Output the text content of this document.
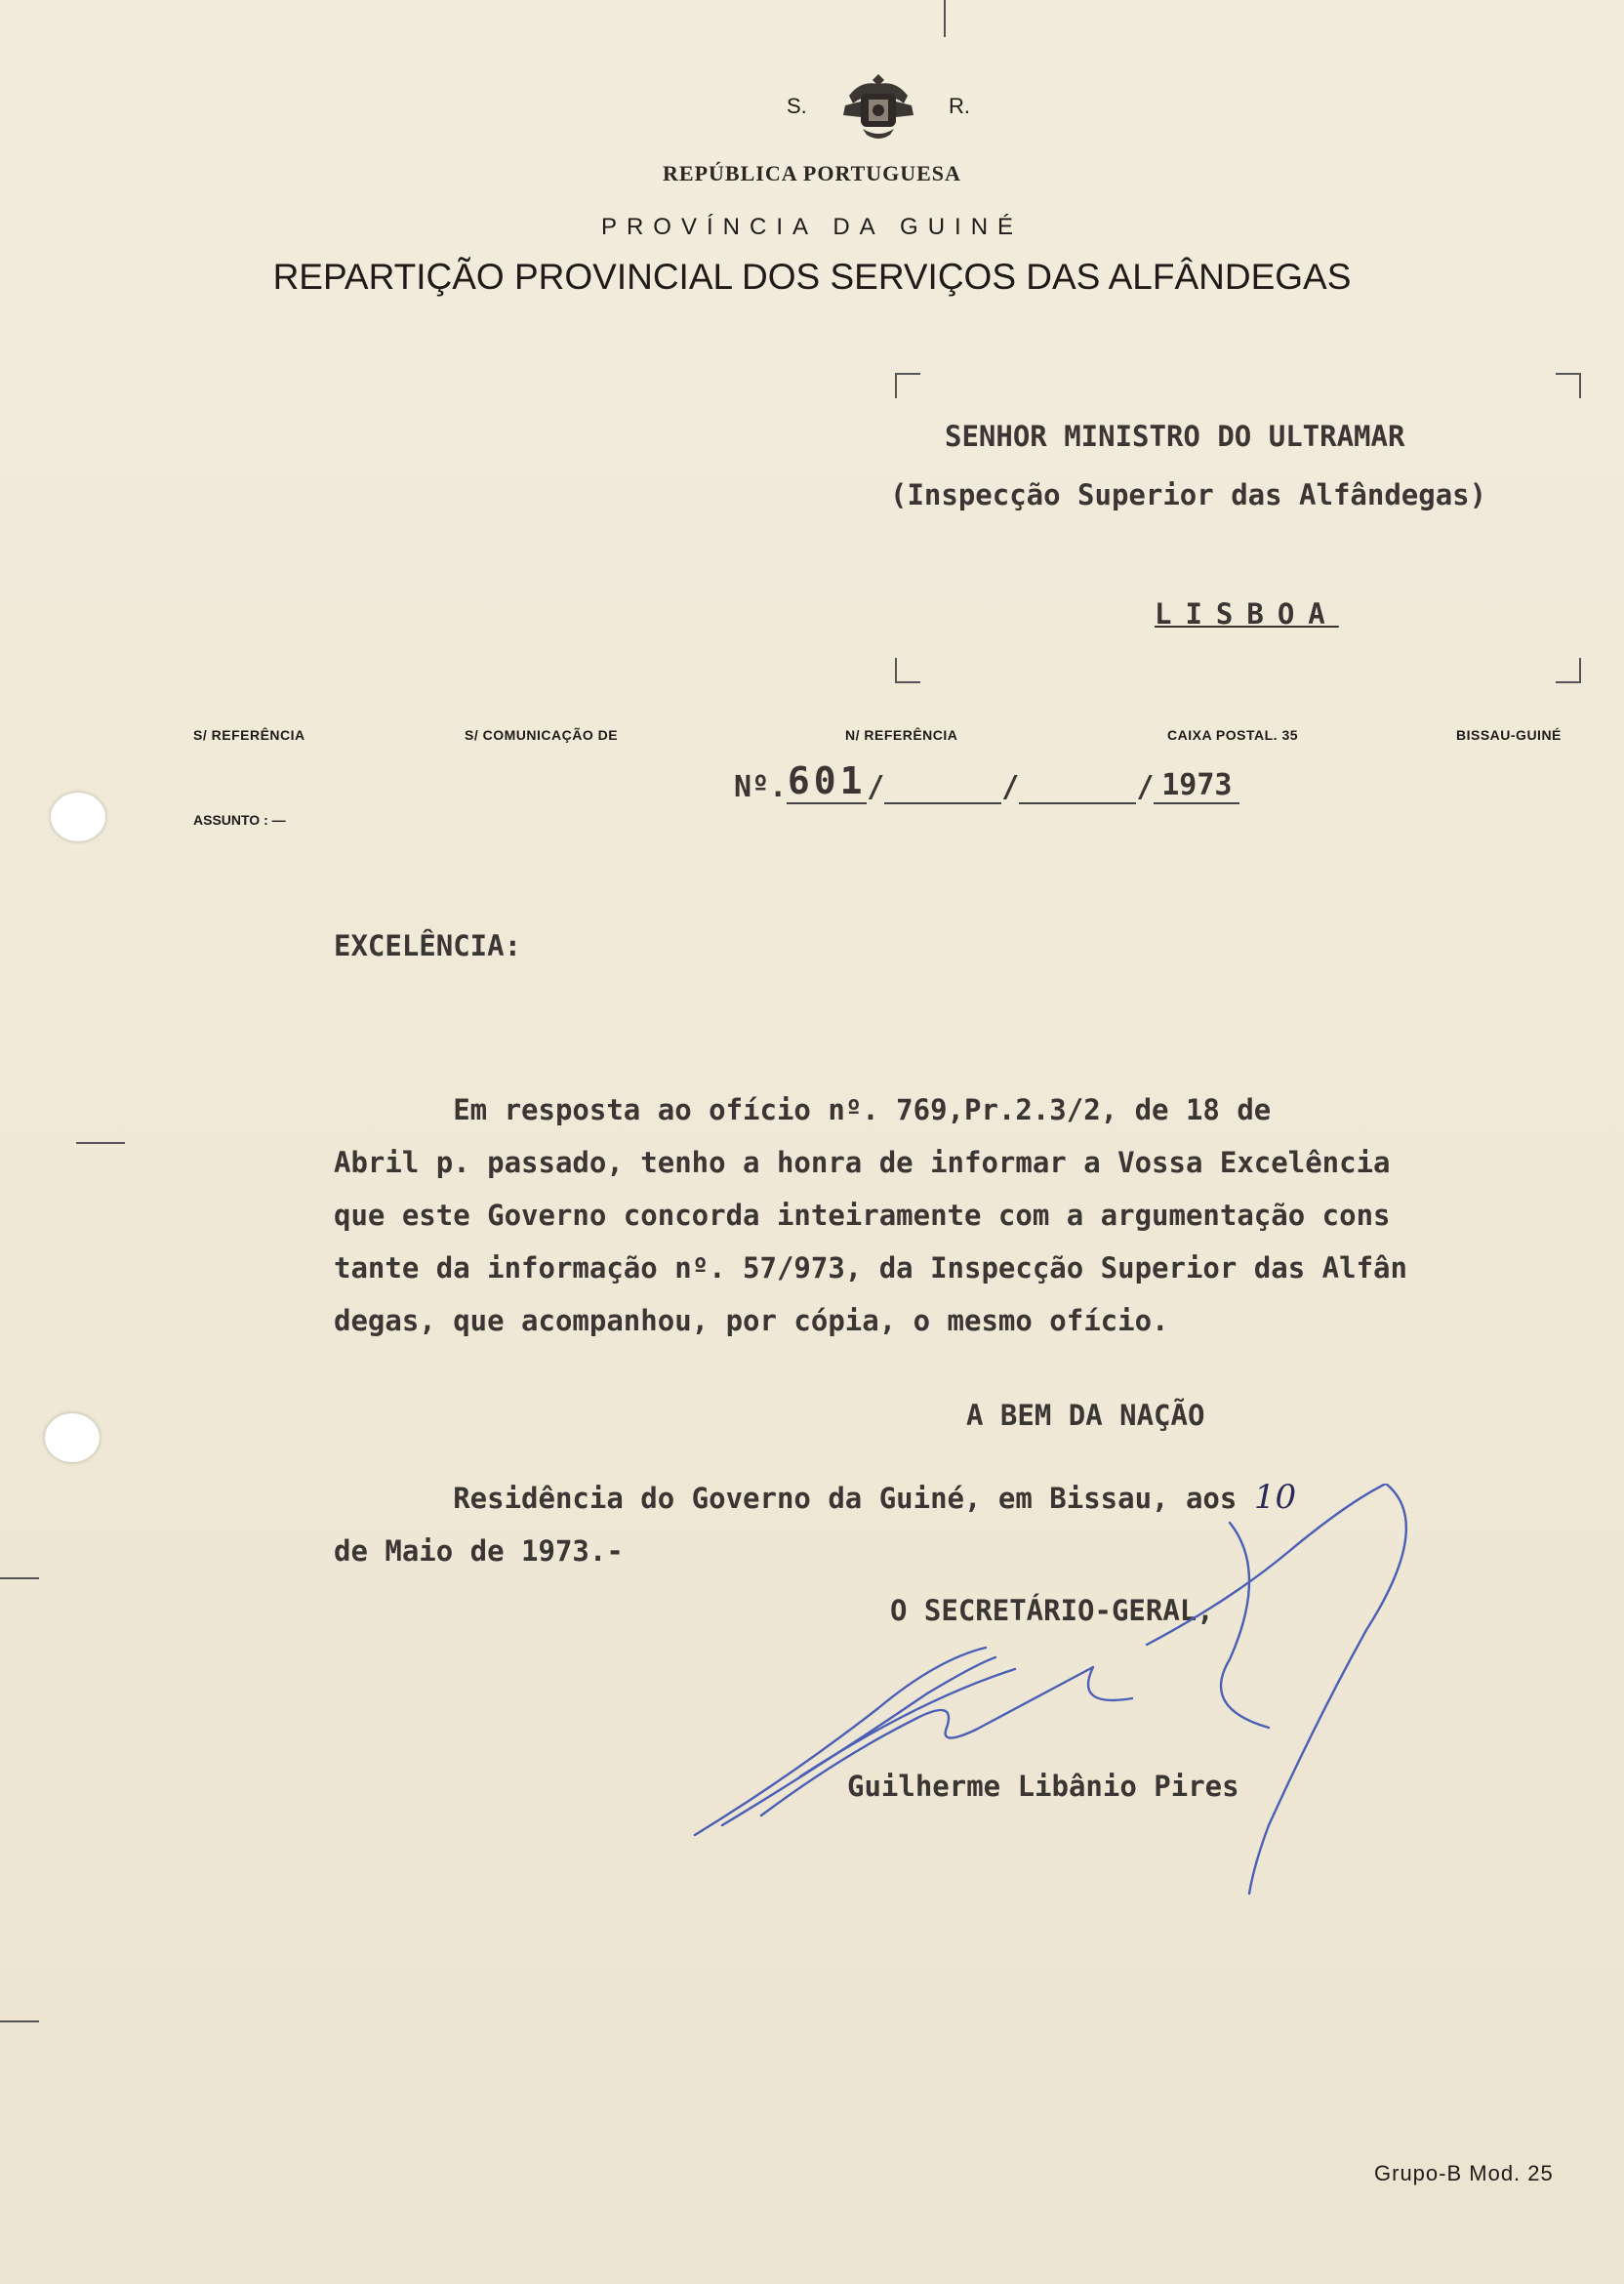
S.	R.
REPÚBLICA PORTUGUESA
PROVÍNCIA DA GUINÉ
REPARTIÇÃO PROVINCIAL DOS SERVIÇOS DAS ALFÂNDEGAS
SENHOR MINISTRO DO ULTRAMAR
(Inspecção Superior das Alfândegas)
LISBOA
S/ REFERÊNCIA	S/ COMUNICAÇÃO DE	N/ REFERÊNCIA	CAIXA POSTAL. 35	BISSAU-GUINÉ
ASSUNTO : —
Nº. 601 /
	/
	/ 1973
EXCELÊNCIA:
Em resposta ao ofício nº. 769,Pr.2.3/2, de 18 de
Abril p. passado, tenho a honra de informar a Vossa Excelência
que este Governo concorda inteiramente com a argumentação cons
tante da informação nº. 57/973, da Inspecção Superior das Alfân
degas, que acompanhou, por cópia, o mesmo ofício.
A BEM DA NAÇÃO
Residência do Governo da Guiné, em Bissau, aos 10
de Maio de 1973.-
O SECRETÁRIO-GERAL,
Guilherme Libânio Pires
Grupo-B Mod. 25
